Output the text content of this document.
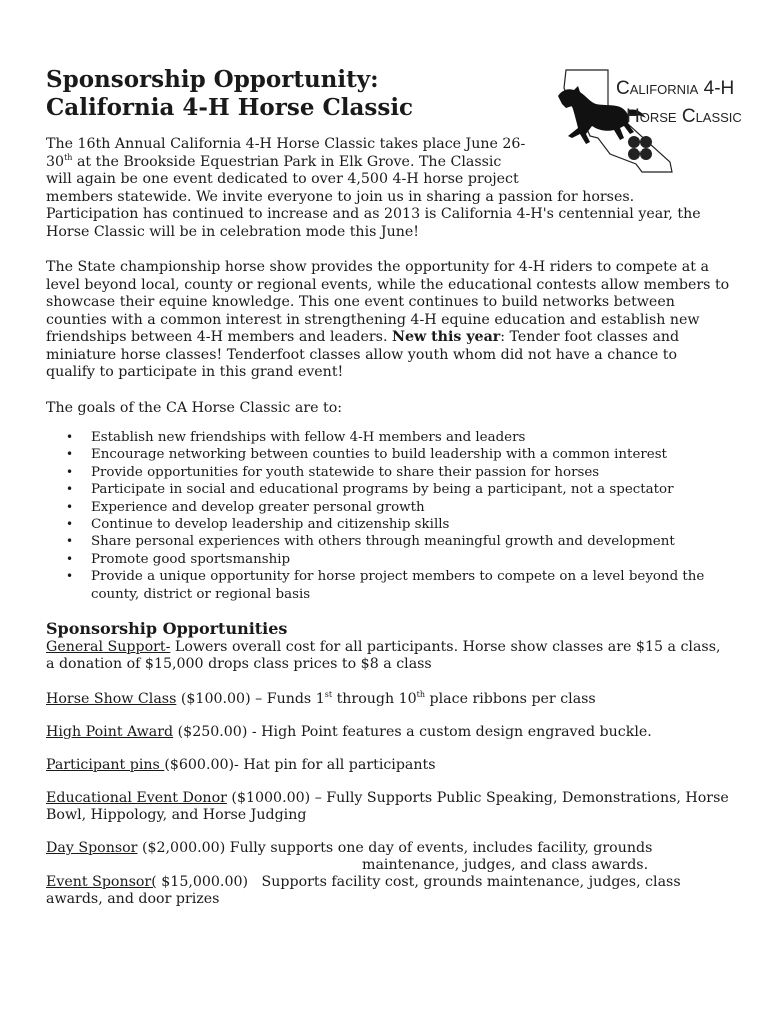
H
California 4-H
Horse Classic
Sponsorship Opportunity:
California 4-H Horse Classic

The 16th Annual California 4-H Horse Classic takes place June 26-
30th at the Brookside Equestrian Park in Elk Grove. The Classic
will again be one event dedicated to over 4,500 4-H horse project
members statewide. We invite everyone to join us in sharing a passion for horses. Participation has continued to increase and as 2013 is California 4-H's centennial year, the Horse Classic will be in celebration mode this June!

The State championship horse show provides the opportunity for 4-H riders to compete at a level beyond local, county or regional events, while the educational contests allow members to showcase their equine knowledge. This one event continues to build networks between counties with a common interest in strengthening 4-H equine education and establish new friendships between 4-H members and leaders. New this year: Tender foot classes and miniature horse classes! Tenderfoot classes allow youth whom did not have a chance to qualify to participate in this grand event!

The goals of the CA Horse Classic are to:

• Establish new friendships with fellow 4-H members and leaders
• Encourage networking between counties to build leadership with a common interest
• Provide opportunities for youth statewide to share their passion for horses
• Participate in social and educational programs by being a participant, not a spectator
• Experience and develop greater personal growth
• Continue to develop leadership and citizenship skills
• Share personal experiences with others through meaningful growth and development
• Promote good sportsmanship
• Provide a unique opportunity for horse project members to compete on a level beyond the county, district or regional basis
Sponsorship Opportunities

General Support- Lowers overall cost for all participants. Horse show classes are $15 a class, a donation of $15,000 drops class prices to $8 a class

Horse Show Class ($100.00) – Funds 1st through 10th place ribbons per class

High Point Award ($250.00) - High Point features a custom design engraved buckle.

Participant pins ($600.00)- Hat pin for all participants

Educational Event Donor ($1000.00) – Fully Supports Public Speaking, Demonstrations, Horse Bowl, Hippology, and Horse Judging

Day Sponsor ($2,000.00) Fully supports one day of events, includes facility, grounds
maintenance, judges, and class awards.

Event Sponsor( $15,000.00)   Supports facility cost, grounds maintenance, judges, class awards, and door prizes
